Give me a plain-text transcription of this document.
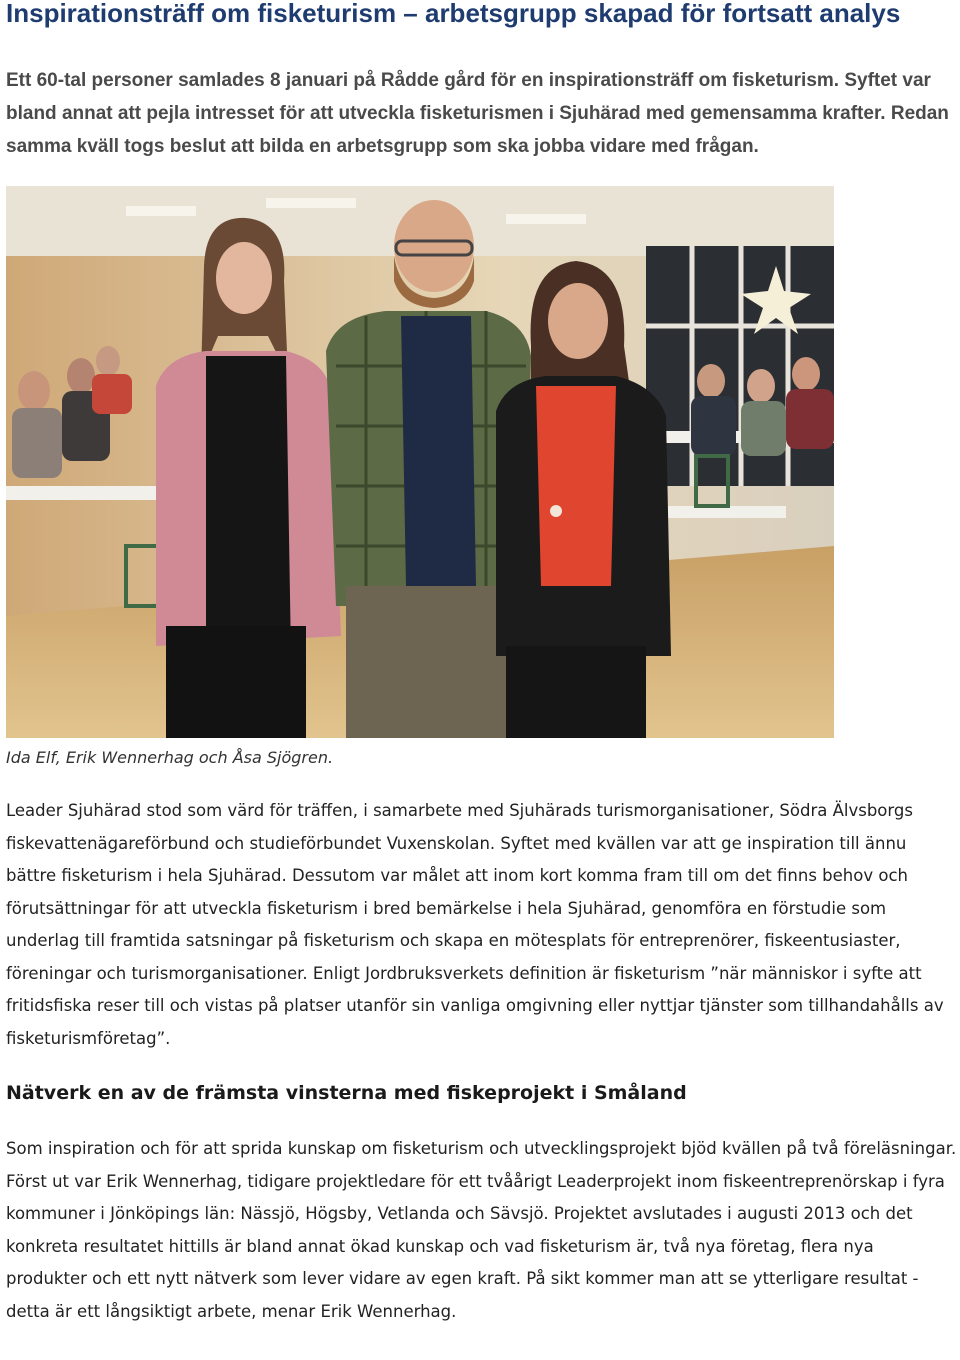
Inspirationsträff om fisketurism – arbetsgrupp skapad för fortsatt analys

Ett 60-tal personer samlades 8 januari på Rådde gård för en inspirationsträff om fisketurism. Syftet var bland annat att pejla intresset för att utveckla fisketurismen i Sjuhärad med gemensamma krafter. Redan samma kväll togs beslut att bilda en arbetsgrupp som ska jobba vidare med frågan.

Ida Elf, Erik Wennerhag och Åsa Sjögren.

Leader Sjuhärad stod som värd för träffen, i samarbete med Sjuhärads turismorganisationer, Södra Älvsborgs fiskevattenägareförbund och studieförbundet Vuxenskolan. Syftet med kvällen var att ge inspiration till ännu bättre fisketurism i hela Sjuhärad. Dessutom var målet att inom kort komma fram till om det finns behov och förutsättningar för att utveckla fisketurism i bred bemärkelse i hela Sjuhärad, genomföra en förstudie som underlag till framtida satsningar på fisketurism och skapa en mötesplats för entreprenörer, fiskeentusiaster, föreningar och turismorganisationer. Enligt Jordbruksverkets definition är fisketurism ”när människor i syfte att fritidsfiska reser till och vistas på platser utanför sin vanliga omgivning eller nyttjar tjänster som tillhandahålls av fisketurismföretag”.

Nätverk en av de främsta vinsterna med fiskeprojekt i Småland

Som inspiration och för att sprida kunskap om fisketurism och utvecklingsprojekt bjöd kvällen på två föreläsningar. Först ut var Erik Wennerhag, tidigare projektledare för ett tvåårigt Leaderprojekt inom fiskeentreprenörskap i fyra kommuner i Jönköpings län: Nässjö, Högsby, Vetlanda och Sävsjö. Projektet avslutades i augusti 2013 och det konkreta resultatet hittills är bland annat ökad kunskap och vad fisketurism är, två nya företag, flera nya produkter och ett nytt nätverk som lever vidare av egen kraft. På sikt kommer man att se ytterligare resultat - detta är ett långsiktigt arbete, menar Erik Wennerhag.
